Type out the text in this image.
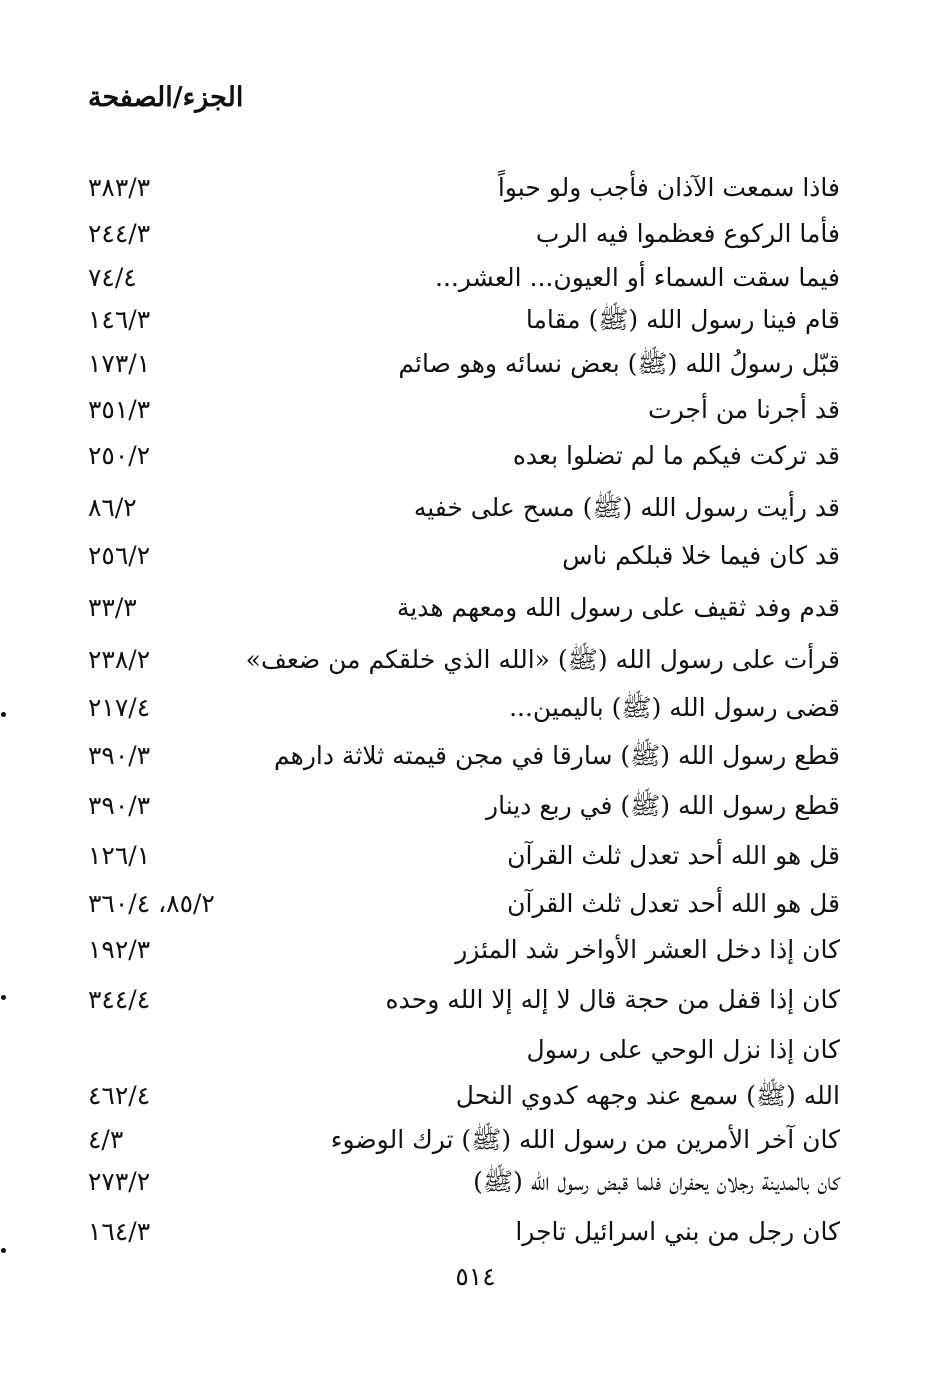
الجزء/الصفحة
فاذا سمعت الآذان فأجب ولو حبواً
٣٨٣/٣
فأما الركوع فعظموا فيه الرب
٢٤٤/٣
فيما سقت السماء أو العيون... العشر...
٧٤/٤
قام فينا رسول الله (ﷺ) مقاما
١٤٦/٣
قبّل رسولُ الله (ﷺ) بعض نسائه وهو صائم
١٧٣/١
قد أجرنا من أجرت
٣٥١/٣
قد تركت فيكم ما لم تضلوا بعده
٢٥٠/٢
قد رأيت رسول الله (ﷺ) مسح على خفيه
٨٦/٢
قد كان فيما خلا قبلكم ناس
٢٥٦/٢
قدم وفد ثقيف على رسول الله ومعهم هدية
٣٣/٣
قرأت على رسول الله (ﷺ) «الله الذي خلقكم من ضعف»
٢٣٨/٢
قضى رسول الله (ﷺ) باليمين...
٢١٧/٤
قطع رسول الله (ﷺ) سارقا في مجن قيمته ثلاثة دارهم
٣٩٠/٣
قطع رسول الله (ﷺ) في ربع دينار
٣٩٠/٣
قل هو الله أحد تعدل ثلث القرآن
١٢٦/١
قل هو الله أحد تعدل ثلث القرآن
٨٥/٢، ٣٦٠/٤
كان إذا دخل العشر الأواخر شد المئزر
١٩٢/٣
كان إذا قفل من حجة قال لا إله إلا الله وحده
٣٤٤/٤
كان إذا نزل الوحي على رسول
الله (ﷺ) سمع عند وجهه كدوي النحل
٤٦٢/٤
كان آخر الأمرين من رسول الله (ﷺ) ترك الوضوء
٤/٣
كان بالمدينة رجلان يحفران فلما قبض رسول الله (ﷺ)
٢٧٣/٢
كان رجل من بني اسرائيل تاجرا
١٦٤/٣
٥١٤
